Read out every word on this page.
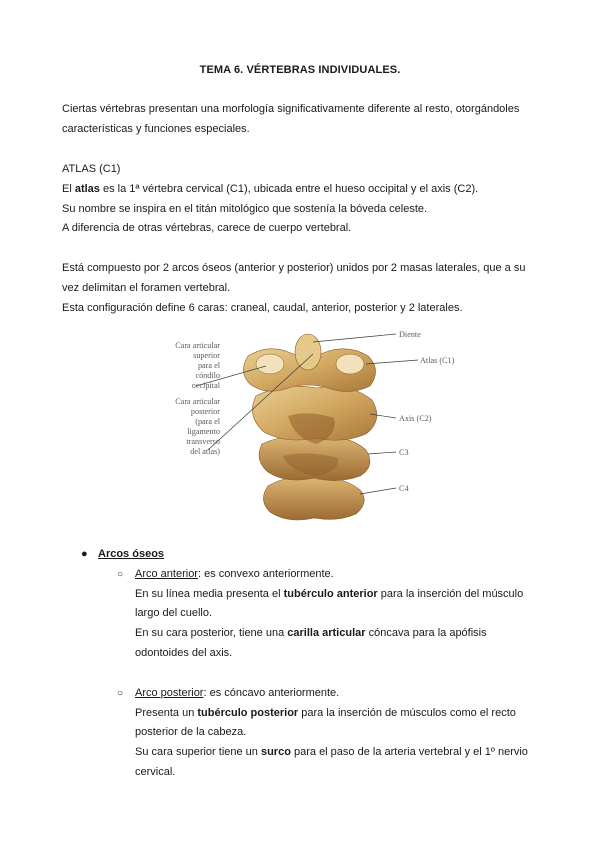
TEMA 6. VÉRTEBRAS INDIVIDUALES.
Ciertas vértebras presentan una morfología significativamente diferente al resto, otorgándoles características y funciones especiales.
ATLAS (C1)
El atlas es la 1ª vértebra cervical (C1), ubicada entre el hueso occipital y el axis (C2).
Su nombre se inspira en el titán mitológico que sostenía la bóveda celeste.
A diferencia de otras vértebras, carece de cuerpo vertebral.
Está compuesto por 2 arcos óseos (anterior y posterior) unidos por 2 masas laterales, que a su vez delimitan el foramen vertebral.
Esta configuración define 6 caras: craneal, caudal, anterior, posterior y 2 laterales.
Cara articular
superior
para el
cóndilo
occipital
Cara articular
posterior
(para el
ligamento
transverso
del atlas)
Diente
Atlas (C1)
Axis (C2)
C3
C4
● Arcos óseos
○ Arco anterior: es convexo anteriormente.
En su línea media presenta el tubérculo anterior para la inserción del músculo largo del cuello.
En su cara posterior, tiene una carilla articular cóncava para la apófisis odontoides del axis.
○ Arco posterior: es cóncavo anteriormente.
Presenta un tubérculo posterior para la inserción de músculos como el recto posterior de la cabeza.
Su cara superior tiene un surco para el paso de la arteria vertebral y el 1º nervio cervical.
